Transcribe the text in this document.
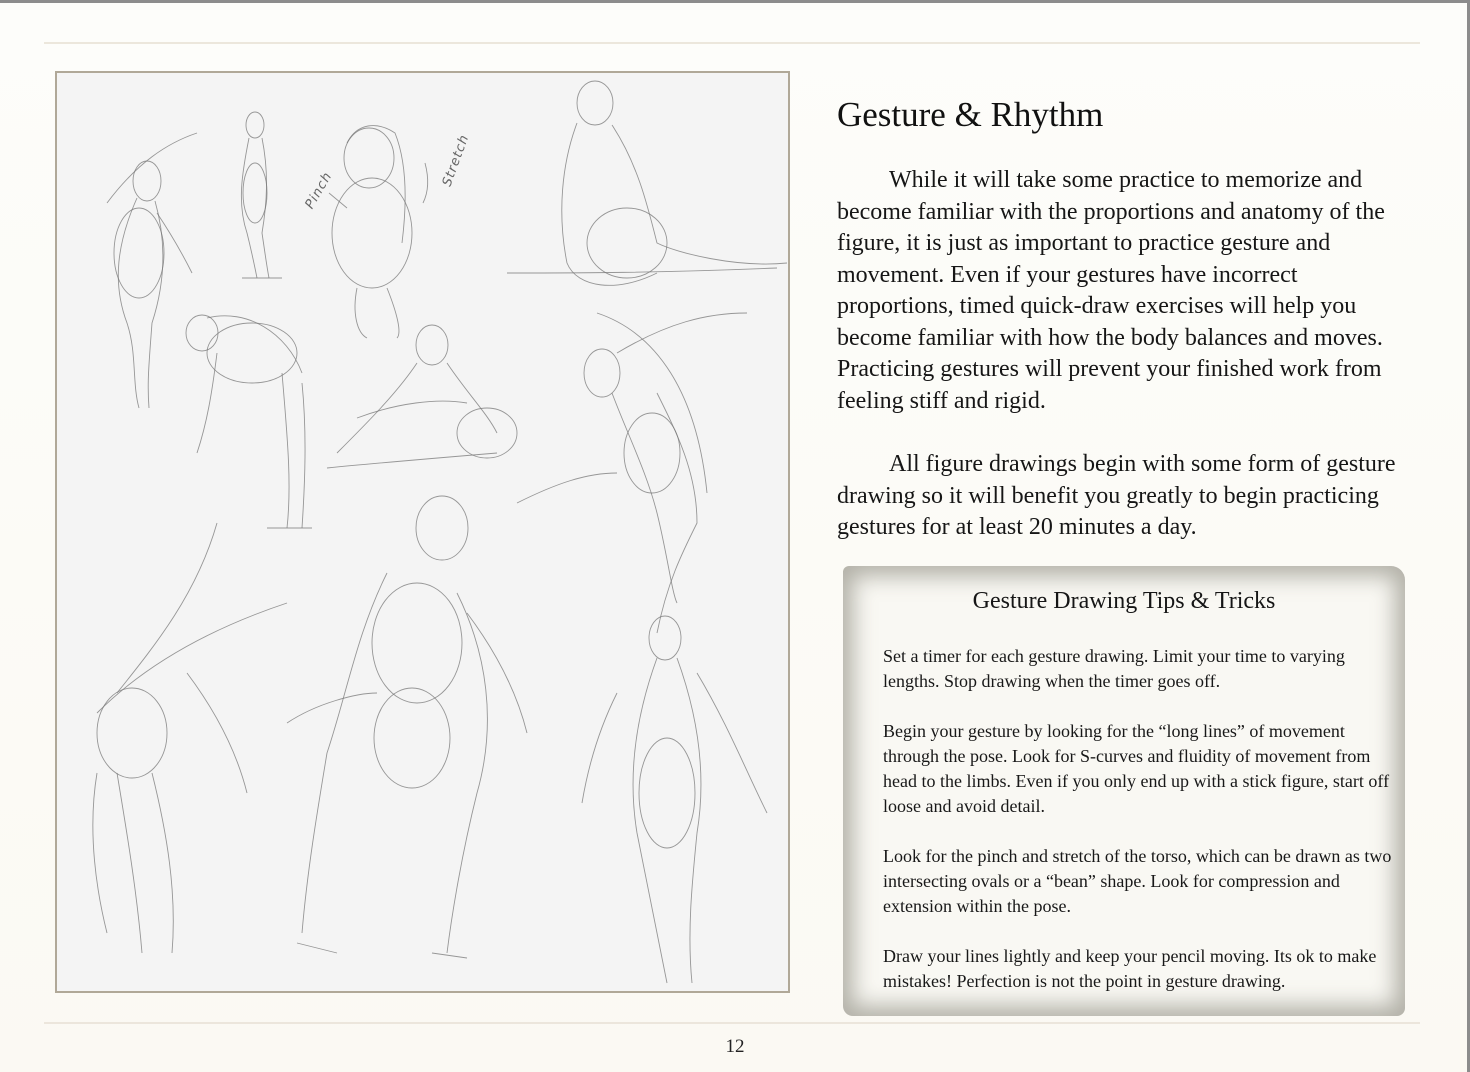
Pinch
Stretch
Gesture & Rhythm

While it will take some practice to memorize and become familiar with the proportions and anatomy of the figure, it is just as important to practice gesture and movement. Even if your gestures have incorrect proportions, timed quick-draw exercises will help you become familiar with how the body balances and moves. Practicing gestures will prevent your finished work from feeling stiff and rigid.

All figure drawings begin with some form of gesture drawing so it will benefit you greatly to begin practicing gestures for at least 20 minutes a day.

Gesture Drawing Tips & Tricks
Set a timer for each gesture drawing. Limit your time to varying lengths. Stop drawing when the timer goes off.
Begin your gesture by looking for the “long lines” of movement through the pose. Look for S-curves and fluidity of movement from head to the limbs. Even if you only end up with a stick figure, start off loose and avoid detail.
Look for the pinch and stretch of the torso, which can be drawn as two intersecting ovals or a “bean” shape. Look for compression and extension within the pose.
Draw your lines lightly and keep your pencil moving. Its ok to make mistakes! Perfection is not the point in gesture drawing.
12
